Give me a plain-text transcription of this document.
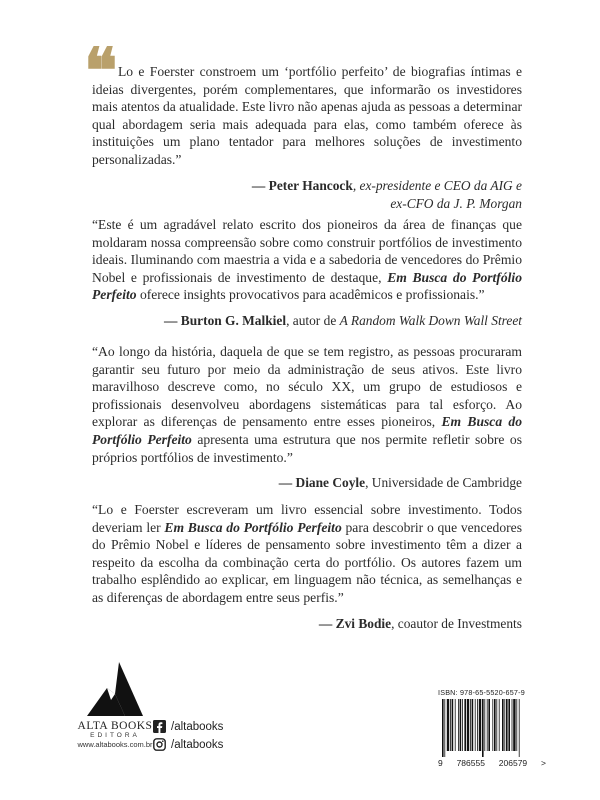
❝ Lo e Foerster constroem um ‘portfólio perfeito’ de biografias íntimas e ideias divergentes, porém complementares, que informarão os investidores mais atentos da atualidade. Este livro não apenas ajuda as pessoas a determinar qual abordagem seria mais adequada para elas, como também oferece às instituições um plano tentador para melhores soluções de investimento personalizadas.”

— Peter Hancock, ex-presidente e CEO da AIG e
ex-CFO da J. P. Morgan

“Este é um agradável relato escrito dos pioneiros da área de finanças que moldaram nossa compreensão sobre como construir portfólios de investimento ideais. Iluminando com maestria a vida e a sabedoria de vencedores do Prêmio Nobel e profissionais de investimento de destaque, Em Busca do Portfólio Perfeito oferece insights provocativos para acadêmicos e profissionais.”

— Burton G. Malkiel, autor de A Random Walk Down Wall Street

“Ao longo da história, daquela de que se tem registro, as pessoas procuraram garantir seu futuro por meio da administração de seus ativos. Este livro maravilhoso descreve como, no século XX, um grupo de estudiosos e profissionais desenvolveu abordagens sistemáticas para tal esforço. Ao explorar as diferenças de pensamento entre esses pioneiros, Em Busca do Portfólio Perfeito apresenta uma estrutura que nos permite refletir sobre os próprios portfólios de investimento.”

— Diane Coyle, Universidade de Cambridge

“Lo e Foerster escreveram um livro essencial sobre investimento. Todos deveriam ler Em Busca do Portfólio Perfeito para descobrir o que vencedores do Prêmio Nobel e líderes de pensamento sobre investimento têm a dizer a respeito da escolha da combinação certa do portfólio. Os autores fazem um trabalho esplêndido ao explicar, em linguagem não técnica, as semelhanças e as diferenças de abordagem entre seus perfis.”

— Zvi Bodie, coautor de Investments

ALTA BOOKS
EDITORA
www.altabooks.com.br
/altabooks
/altabooks
ISBN: 978-65-5520-657-9
9 786555 206579 >
